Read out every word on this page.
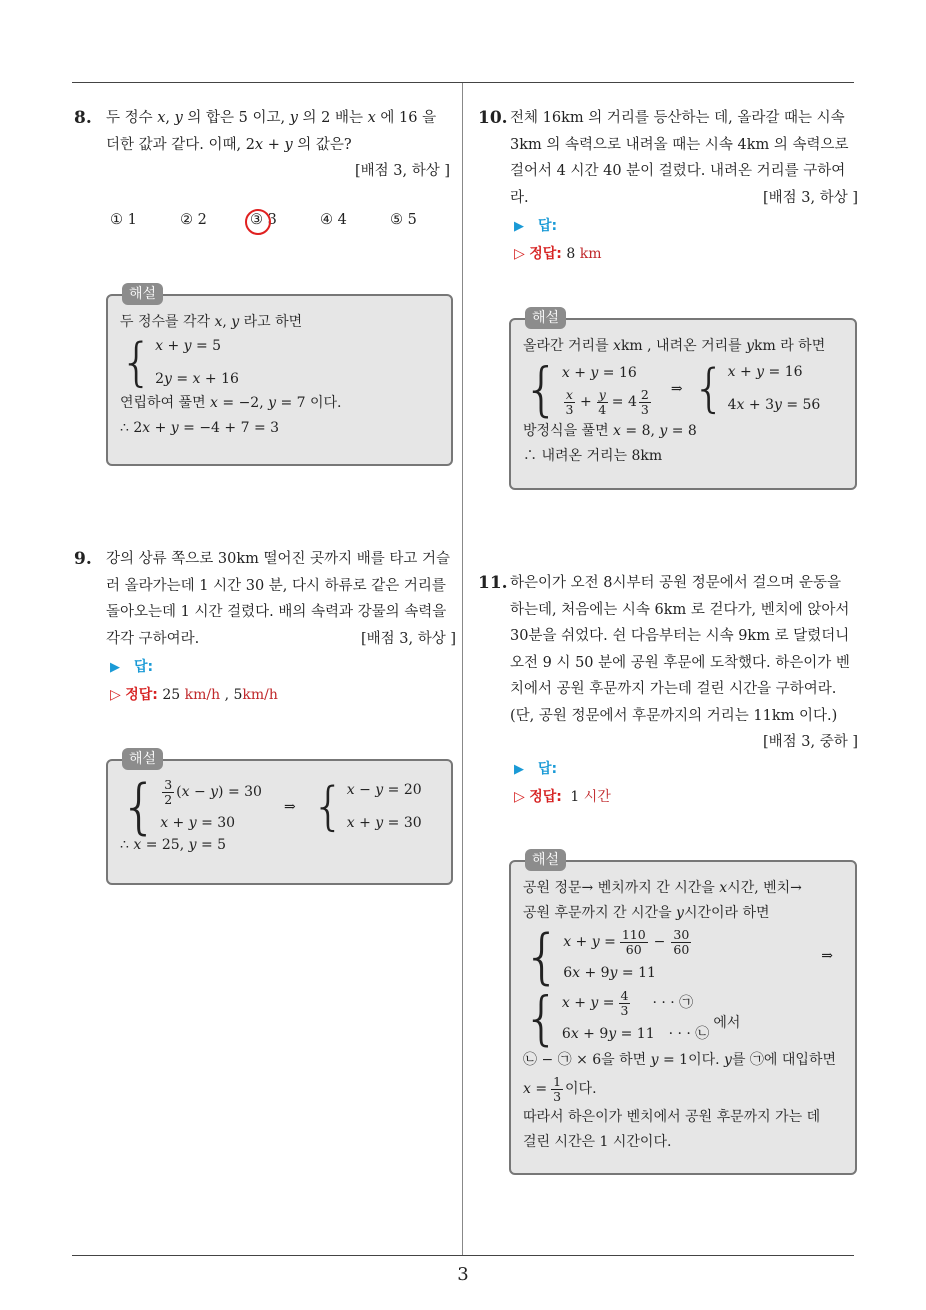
3
8. 두 정수 𝑥, 𝑦 의 합은 5 이고, 𝑦 의 2 배는 𝑥 에 16 을
더한 값과 같다. 이때, 2𝑥 + 𝑦 의 값은?
[배점 3, 하상 ]
① 1	② 2	③ 3	④ 4	⑤ 5
해설
두 정수를 각각 𝑥, 𝑦 라고 하면
{ 𝑥 + 𝑦 = 5
2𝑦 = 𝑥 + 16
연립하여 풀면 𝑥 = −2, 𝑦 = 7 이다.
∴ 2𝑥 + 𝑦 = −4 + 7 = 3
9. 강의 상류 쪽으로 30km 떨어진 곳까지 배를 타고 거슬
러 올라가는데 1 시간 30 분, 다시 하류로 같은 거리를
돌아오는데 1 시간 걸렸다. 배의 속력과 강물의 속력을
각각 구하여라.	[배점 3, 하상 ]
▶ 답:
▷ 정답: 25 km/h , 5km/h
해설
{ $\frac{3}{2}$ (𝑥 − 𝑦) = 30
𝑥 + 𝑦 = 30
⇒ { 𝑥 − 𝑦 = 20
𝑥 + 𝑦 = 30
∴ 𝑥 = 25, 𝑦 = 5
10. 전체 16km 의 거리를 등산하는 데, 올라갈 때는 시속
3km 의 속력으로 내려올 때는 시속 4km 의 속력으로
걸어서 4 시간 40 분이 걸렸다. 내려온 거리를 구하여
라.	[배점 3, 하상 ]
▶ 답:
▷ 정답: 8 km
해설
올라간 거리를 𝑥km , 내려온 거리를 𝑦km 라 하면
{ 𝑥 + 𝑦 = 16
$\frac{\text{𝑥}}{3} + \frac{\text{𝑦}}{4} = 4 \frac{2}{3}$ ⇒ { 𝑥 + 𝑦 = 16
4𝑥 + 3𝑦 = 56
방정식을 풀면 𝑥 = 8, 𝑦 = 8
∴ 내려온 거리는 8km
11. 하은이가 오전 8시부터 공원 정문에서 걸으며 운동을
하는데, 처음에는 시속 6km 로 걷다가, 벤치에 앉아서
30분을 쉬었다. 쉰 다음부터는 시속 9km 로 달렸더니
오전 9 시 50 분에 공원 후문에 도착했다. 하은이가 벤
치에서 공원 후문까지 가는데 걸린 시간을 구하여라.
(단, 공원 정문에서 후문까지의 거리는 11km 이다.)
[배점 3, 중하 ]
▶ 답:
▷ 정답: 1 시간
해설
공원 정문→ 벤치까지 간 시간을 𝑥시간, 벤치→
공원 후문까지 간 시간을 𝑦시간이라 하면
{ 𝑥 + 𝑦 = $\frac{110}{60} - \frac{30}{60}$
6𝑥 + 9𝑦 = 11
⇒
{ 𝑥 + 𝑦 = $\frac{4}{3}$ · · · ㉠
6𝑥 + 9𝑦 = 11 · · · ㉡
에서
㉡ − ㉠ × 6을 하면 𝑦 = 1이다. 𝑦를 ㉠에 대입하면
𝑥 = $\frac{1}{3}$ 이다.
따라서 하은이가 벤치에서 공원 후문까지 가는 데
걸린 시간은 1 시간이다.
